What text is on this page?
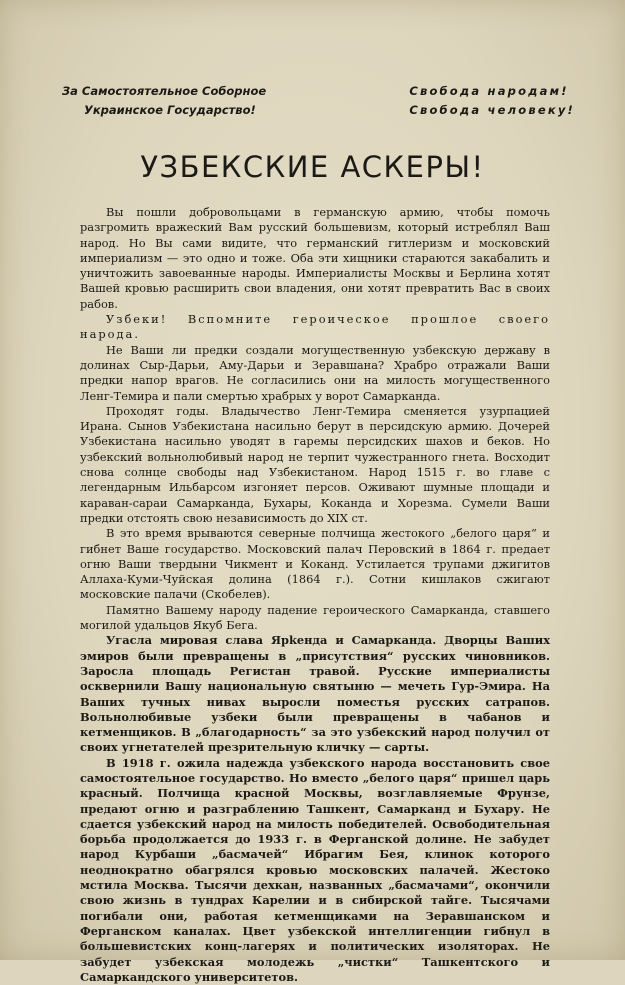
За Самостоятельное Соборное
Украинское Государство!
Свобода народам!
Свобода человеку!
УЗБЕКСКИЕ АСКЕРЫ!

Вы пошли добровольцами в германскую армию, чтобы помочь разгромить вражеский Вам русский большевизм, который истреблял Ваш народ. Но Вы сами видите, что германский гитлеризм и московский империализм — это одно и тоже. Оба эти хищники стараются закабалить и уничтожить завоеванные народы. Империалисты Москвы и Берлина хотят Вашей кровью расширить свои владения, они хотят превратить Вас в своих рабов.

Узбеки! Вспомните героическое прошлое своего народа.

Не Ваши ли предки создали могущественную узбекскую державу в долинах Сыр-Дарьи, Аму-Дарьи и Зеравшана? Храбро отражали Ваши предки напор врагов. Не согласились они на милость могущественного Ленг-Темира и пали смертью храбрых у ворот Самарканда.

Проходят годы. Владычество Ленг-Темира сменяется узурпацией Ирана. Сынов Узбекистана насильно берут в персидскую армию. Дочерей Узбекистана насильно уводят в гаремы персидских шахов и беков. Но узбекский вольнолюбивый народ не терпит чужестранного гнета. Восходит снова солнце свободы над Узбекистаном. Народ 1515 г. во главе с легендарным Ильбарсом изгоняет персов. Оживают шумные площади и караван-сараи Самарканда, Бухары, Коканда и Хорезма. Сумели Ваши предки отстоять свою независимость до XIX ст.

В это время врываются северные полчища жестокого „белого царя“ и гибнет Ваше государство. Московский палач Перовский в 1864 г. предает огню Ваши твердыни Чикмент и Коканд. Устилается трупами джигитов Аллаха-Куми-Чуйская долина (1864 г.). Сотни кишлаков сжигают московские палачи (Скобелев).

Памятно Вашему народу падение героического Самарканда, ставшего могилой удальцов Якуб Бега.

Угасла мировая слава Ярkенда и Самарканда. Дворцы Ваших эмиров были превращены в „присутствия“ русских чиновников. Заросла площадь Регистан травой. Русские империалисты осквернили Вашу национальную святыню — мечеть Гур-Эмира. На Ваших тучных нивах выросли поместья русских сатрапов. Вольнолюбивые узбеки были превращены в чабанов и кетменщиков. В „благодарность“ за это узбекский народ получил от своих угнетателей презрительную кличку — сарты.

В 1918 г. ожила надежда узбекского народа восстановить свое самостоятельное государство. Но вместо „белого царя“ пришел царь красный. Полчища красной Москвы, возглавляемые Фрунзе, предают огню и разграблению Ташкент, Самарканд и Бухару. Не сдается узбекский народ на милость победителей. Освободительная борьба продолжается до 1933 г. в Ферганской долине. Не забудет народ Курбаши „басмачей“ Ибрагим Бея, клинок которого неоднократно обагрялся кровью московских палачей. Жестоко мстила Москва. Тысячи дехкан, названных „басмачами“, окончили свою жизнь в тундрах Карелии и в сибирской тайге. Тысячами погибали они, работая кетменщиками на Зеравшанском и Ферганском каналах. Цвет узбекской интеллигенции гибнул в большевистских конц-лагерях и политических изоляторах. Не забудет узбекская молодежь „чистки“ Ташкентского и Самаркандского университетов.
